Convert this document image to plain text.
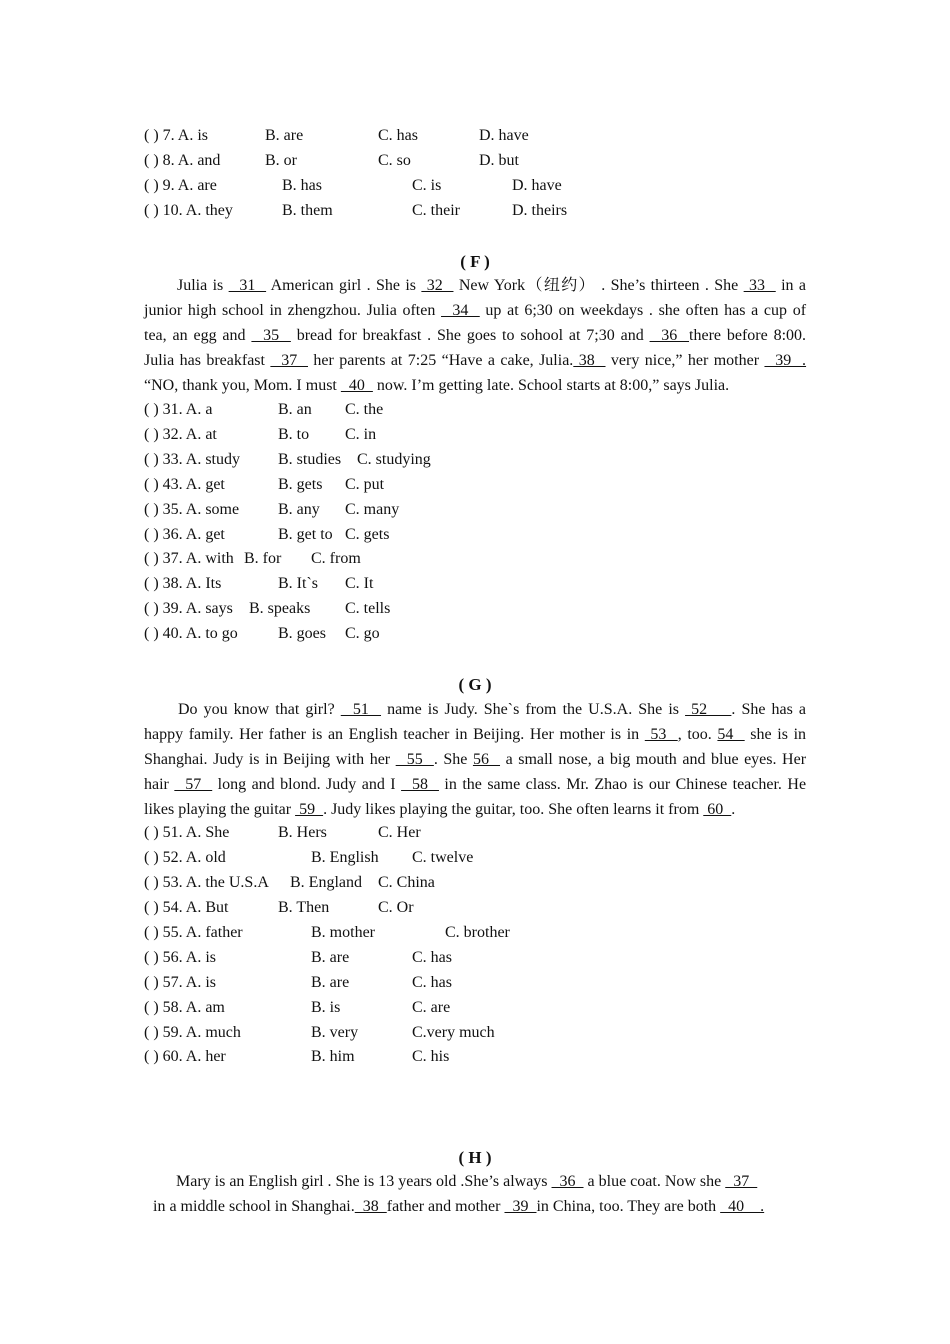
( ) 7. A. is	B. are	C. has	D. have
( ) 8. A. and	B. or	C. so	D. but
( ) 9. A. are	B. has	C. is	D. have
( ) 10. A. they	B. them	C. their	D. theirs
( F )
Julia is   31   American girl . She is  32   New York（纽约） . She’s thirteen . She  33   in a
junior high school in zhengzhou. Julia often   34   up at 6;30 on weekdays . she often has a cup of
tea, an egg and   35   bread for breakfast . She goes to sohool at 7;30 and   36  there before 8:00.
Julia has breakfast   37   her parents at 7:25 “Have a cake, Julia. 38   very nice,” her mother   39  .
“NO, thank you, Mom. I must   40   now. I’m getting late. School starts at 8:00,” says Julia.
( ) 31. A. a	B. an C. the
( ) 32. A. at	B. to C. in
( ) 33. A. study B. studies C. studying
( ) 43. A. get	B. gets C. put
( ) 35. A. some B. any C. many
( ) 36. A. get	B. get to C. gets
( ) 37. A. with B. for C. from
( ) 38. A. Its	B. It`s C. It
( ) 39. A. says B. speaks C. tells
( ) 40. A. to go	B. goes C. go
( G )
Do you know that girl?   51   name is Judy. She`s from the U.S.A. She is  52    . She has a
happy family. Her father is an English teacher in Beijing. Her mother is in  53  , too. 54   she is in
Shanghai. Judy is in Beijing with her   55  . She 56   a small nose, a big mouth and blue eyes. Her
hair   57   long and blond. Judy and I   58   in the same class. Mr. Zhao is our Chinese teacher. He
likes playing the guitar  59  . Judy likes playing the guitar, too. She often learns it from  60  .
( ) 51. A. She	B. Hers	C. Her
( ) 52. A. old	B. English C. twelve
( ) 53. A. the U.S.A B. England C. China
( ) 54. A. But	B. Then	C. Or
( ) 55. A. father	B. mother	C. brother
( ) 56. A. is	B. are	C. has
( ) 57. A. is	B. are	C. has
( ) 58. A. am	B. is	C. are
( ) 59. A. much	B. very	C.very much
( ) 60. A. her	B. him	C. his
( H )
Mary is an English girl . She is 13 years old .She’s always   36   a blue coat. Now she   37
in a middle school in Shanghai.  38  father and mother   39  in China, too. They are both   40    .
